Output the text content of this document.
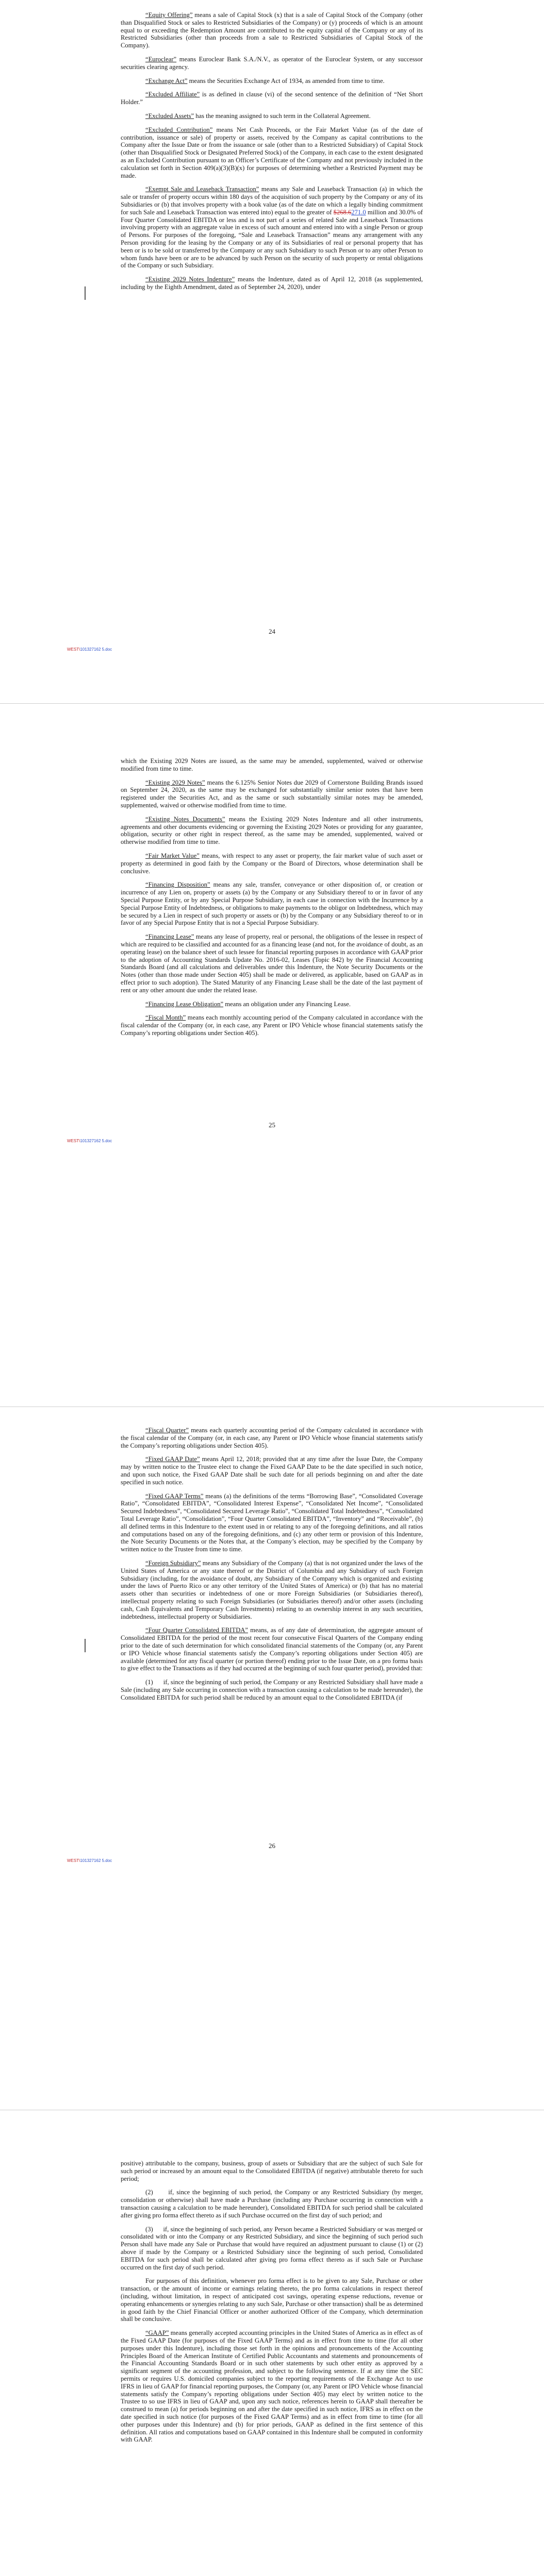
“Equity Offering” means a sale of Capital Stock (x) that is a sale of Capital Stock of the Company (other than Disqualified Stock or sales to Restricted Subsidiaries of the Company) or (y) proceeds of which is an amount equal to or exceeding the Redemption Amount are contributed to the equity capital of the Company or any of its Restricted Subsidiaries (other than proceeds from a sale to Restricted Subsidiaries of Capital Stock of the Company).

“Euroclear” means Euroclear Bank S.A./N.V., as operator of the Euroclear System, or any successor securities clearing agency.

“Exchange Act” means the Securities Exchange Act of 1934, as amended from time to time.

“Excluded Affiliate” is as defined in clause (vi) of the second sentence of the definition of “Net Short Holder.”

“Excluded Assets” has the meaning assigned to such term in the Collateral Agreement.

“Excluded Contribution” means Net Cash Proceeds, or the Fair Market Value (as of the date of contribution, issuance or sale) of property or assets, received by the Company as capital contributions to the Company after the Issue Date or from the issuance or sale (other than to a Restricted Subsidiary) of Capital Stock (other than Disqualified Stock or Designated Preferred Stock) of the Company, in each case to the extent designated as an Excluded Contribution pursuant to an Officer’s Certificate of the Company and not previously included in the calculation set forth in Section 409(a)(3)(B)(x) for purposes of determining whether a Restricted Payment may be made.

“Exempt Sale and Leaseback Transaction” means any Sale and Leaseback Transaction (a) in which the sale or transfer of property occurs within 180 days of the acquisition of such property by the Company or any of its Subsidiaries or (b) that involves property with a book value (as of the date on which a legally binding commitment for such Sale and Leaseback Transaction was entered into) equal to the greater of $268.6271.0 million and 30.0% of Four Quarter Consolidated EBITDA or less and is not part of a series of related Sale and Leaseback Transactions involving property with an aggregate value in excess of such amount and entered into with a single Person or group of Persons. For purposes of the foregoing, “Sale and Leaseback Transaction” means any arrangement with any Person providing for the leasing by the Company or any of its Subsidiaries of real or personal property that has been or is to be sold or transferred by the Company or any such Subsidiary to such Person or to any other Person to whom funds have been or are to be advanced by such Person on the security of such property or rental obligations of the Company or such Subsidiary.

“Existing 2029 Notes Indenture” means the Indenture, dated as of April 12, 2018 (as supplemented, including by the Eighth Amendment, dated as of September 24, 2020), under

24
WEST\101327162 5.doc

which the Existing 2029 Notes are issued, as the same may be amended, supplemented, waived or otherwise modified from time to time.

“Existing 2029 Notes” means the 6.125% Senior Notes due 2029 of Cornerstone Building Brands issued on September 24, 2020, as the same may be exchanged for substantially similar senior notes that have been registered under the Securities Act, and as the same or such substantially similar notes may be amended, supplemented, waived or otherwise modified from time to time.

“Existing Notes Documents” means the Existing 2029 Notes Indenture and all other instruments, agreements and other documents evidencing or governing the Existing 2029 Notes or providing for any guarantee, obligation, security or other right in respect thereof, as the same may be amended, supplemented, waived or otherwise modified from time to time.

“Fair Market Value” means, with respect to any asset or property, the fair market value of such asset or property as determined in good faith by the Company or the Board of Directors, whose determination shall be conclusive.

“Financing Disposition” means any sale, transfer, conveyance or other disposition of, or creation or incurrence of any Lien on, property or assets (a) by the Company or any Subsidiary thereof to or in favor of any Special Purpose Entity, or by any Special Purpose Subsidiary, in each case in connection with the Incurrence by a Special Purpose Entity of Indebtedness, or obligations to make payments to the obligor on Indebtedness, which may be secured by a Lien in respect of such property or assets or (b) by the Company or any Subsidiary thereof to or in favor of any Special Purpose Entity that is not a Special Purpose Subsidiary.

“Financing Lease” means any lease of property, real or personal, the obligations of the lessee in respect of which are required to be classified and accounted for as a financing lease (and not, for the avoidance of doubt, as an operating lease) on the balance sheet of such lessee for financial reporting purposes in accordance with GAAP prior to the adoption of Accounting Standards Update No. 2016-02, Leases (Topic 842) by the Financial Accounting Standards Board (and all calculations and deliverables under this Indenture, the Note Security Documents or the Notes (other than those made under Section 405) shall be made or delivered, as applicable, based on GAAP as in effect prior to such adoption). The Stated Maturity of any Financing Lease shall be the date of the last payment of rent or any other amount due under the related lease.

“Financing Lease Obligation” means an obligation under any Financing Lease.

“Fiscal Month” means each monthly accounting period of the Company calculated in accordance with the fiscal calendar of the Company (or, in each case, any Parent or IPO Vehicle whose financial statements satisfy the Company’s reporting obligations under Section 405).

25
WEST\101327162 5.doc

“Fiscal Quarter” means each quarterly accounting period of the Company calculated in accordance with the fiscal calendar of the Company (or, in each case, any Parent or IPO Vehicle whose financial statements satisfy the Company’s reporting obligations under Section 405).

“Fixed GAAP Date” means April 12, 2018; provided that at any time after the Issue Date, the Company may by written notice to the Trustee elect to change the Fixed GAAP Date to be the date specified in such notice, and upon such notice, the Fixed GAAP Date shall be such date for all periods beginning on and after the date specified in such notice.

“Fixed GAAP Terms” means (a) the definitions of the terms “Borrowing Base”, “Consolidated Coverage Ratio”, “Consolidated EBITDA”, “Consolidated Interest Expense”, “Consolidated Net Income”, “Consolidated Secured Indebtedness”, “Consolidated Secured Leverage Ratio”, “Consolidated Total Indebtedness”, “Consolidated Total Leverage Ratio”, “Consolidation”, “Four Quarter Consolidated EBITDA”, “Inventory” and “Receivable”, (b) all defined terms in this Indenture to the extent used in or relating to any of the foregoing definitions, and all ratios and computations based on any of the foregoing definitions, and (c) any other term or provision of this Indenture, the Note Security Documents or the Notes that, at the Company’s election, may be specified by the Company by written notice to the Trustee from time to time.

“Foreign Subsidiary” means any Subsidiary of the Company (a) that is not organized under the laws of the United States of America or any state thereof or the District of Columbia and any Subsidiary of such Foreign Subsidiary (including, for the avoidance of doubt, any Subsidiary of the Company which is organized and existing under the laws of Puerto Rico or any other territory of the United States of America) or (b) that has no material assets other than securities or indebtedness of one or more Foreign Subsidiaries (or Subsidiaries thereof), intellectual property relating to such Foreign Subsidiaries (or Subsidiaries thereof) and/or other assets (including cash, Cash Equivalents and Temporary Cash Investments) relating to an ownership interest in any such securities, indebtedness, intellectual property or Subsidiaries.

“Four Quarter Consolidated EBITDA” means, as of any date of determination, the aggregate amount of Consolidated EBITDA for the period of the most recent four consecutive Fiscal Quarters of the Company ending prior to the date of such determination for which consolidated financial statements of the Company (or, any Parent or IPO Vehicle whose financial statements satisfy the Company’s reporting obligations under Section 405) are available (determined for any fiscal quarter (or portion thereof) ending prior to the Issue Date, on a pro forma basis to give effect to the Transactions as if they had occurred at the beginning of such four quarter period), provided that:

(1) if, since the beginning of such period, the Company or any Restricted Subsidiary shall have made a Sale (including any Sale occurring in connection with a transaction causing a calculation to be made hereunder), the Consolidated EBITDA for such period shall be reduced by an amount equal to the Consolidated EBITDA (if

26
WEST\101327162 5.doc

positive) attributable to the company, business, group of assets or Subsidiary that are the subject of such Sale for such period or increased by an amount equal to the Consolidated EBITDA (if negative) attributable thereto for such period;

(2) if, since the beginning of such period, the Company or any Restricted Subsidiary (by merger, consolidation or otherwise) shall have made a Purchase (including any Purchase occurring in connection with a transaction causing a calculation to be made hereunder), Consolidated EBITDA for such period shall be calculated after giving pro forma effect thereto as if such Purchase occurred on the first day of such period; and

(3) if, since the beginning of such period, any Person became a Restricted Subsidiary or was merged or consolidated with or into the Company or any Restricted Subsidiary, and since the beginning of such period such Person shall have made any Sale or Purchase that would have required an adjustment pursuant to clause (1) or (2) above if made by the Company or a Restricted Subsidiary since the beginning of such period, Consolidated EBITDA for such period shall be calculated after giving pro forma effect thereto as if such Sale or Purchase occurred on the first day of such period.

For purposes of this definition, whenever pro forma effect is to be given to any Sale, Purchase or other transaction, or the amount of income or earnings relating thereto, the pro forma calculations in respect thereof (including, without limitation, in respect of anticipated cost savings, operating expense reductions, revenue or operating enhancements or synergies relating to any such Sale, Purchase or other transaction) shall be as determined in good faith by the Chief Financial Officer or another authorized Officer of the Company, which determination shall be conclusive.

“GAAP” means generally accepted accounting principles in the United States of America as in effect as of the Fixed GAAP Date (for purposes of the Fixed GAAP Terms) and as in effect from time to time (for all other purposes under this Indenture), including those set forth in the opinions and pronouncements of the Accounting Principles Board of the American Institute of Certified Public Accountants and statements and pronouncements of the Financial Accounting Standards Board or in such other statements by such other entity as approved by a significant segment of the accounting profession, and subject to the following sentence. If at any time the SEC permits or requires U.S. domiciled companies subject to the reporting requirements of the Exchange Act to use IFRS in lieu of GAAP for financial reporting purposes, the Company (or, any Parent or IPO Vehicle whose financial statements satisfy the Company’s reporting obligations under Section 405) may elect by written notice to the Trustee to so use IFRS in lieu of GAAP and, upon any such notice, references herein to GAAP shall thereafter be construed to mean (a) for periods beginning on and after the date specified in such notice, IFRS as in effect on the date specified in such notice (for purposes of the Fixed GAAP Terms) and as in effect from time to time (for all other purposes under this Indenture) and (b) for prior periods, GAAP as defined in the first sentence of this definition. All ratios and computations based on GAAP contained in this Indenture shall be computed in conformity with GAAP.
